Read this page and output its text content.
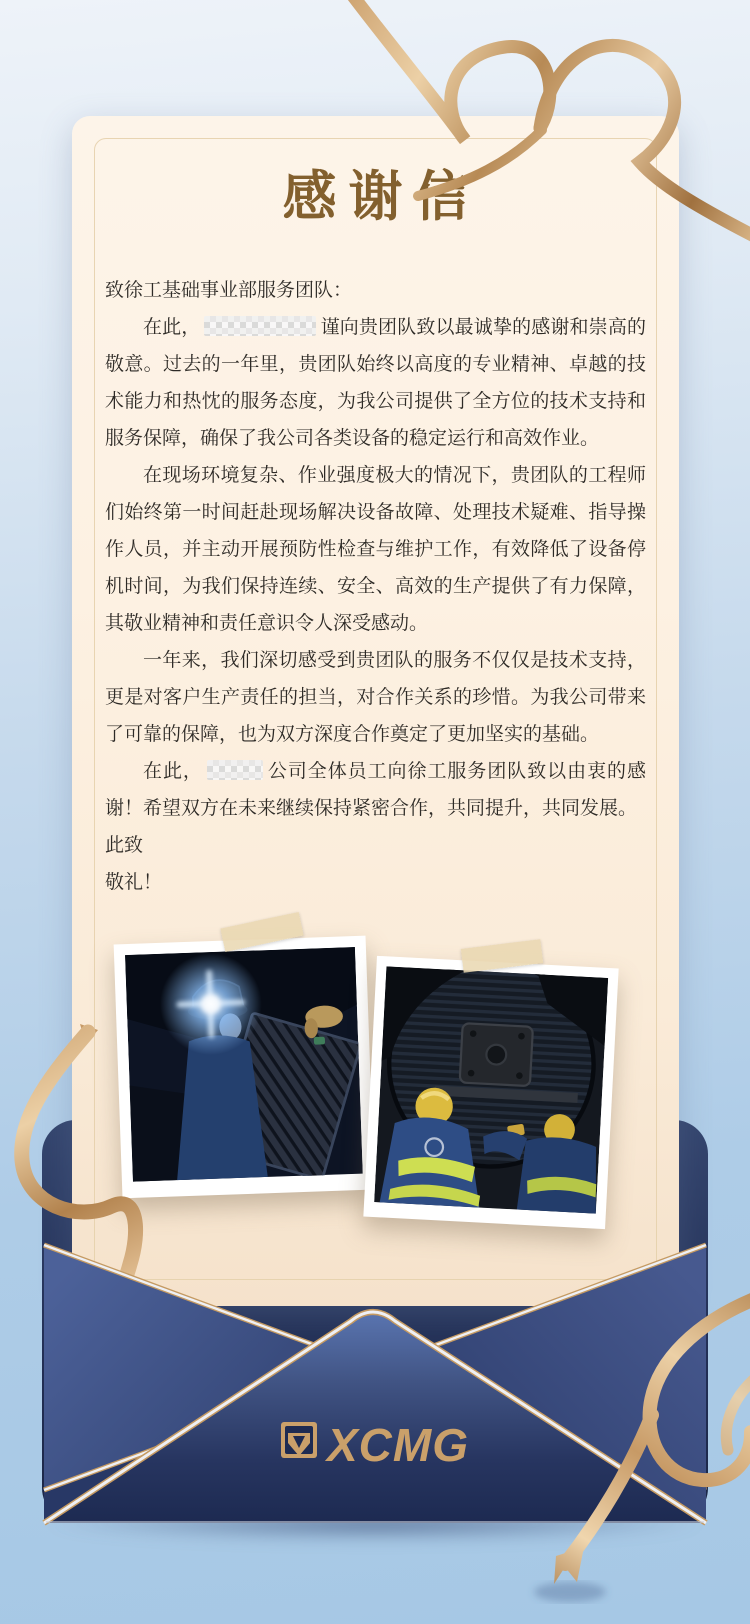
感谢信

致徐工基础事业部服务团队：

在此，	谨向贵团队致以最诚挚的感谢和崇高的敬意。过去的一年里，贵团队始终以高度的专业精神、卓越的技术能力和热忱的服务态度，为我公司提供了全方位的技术支持和服务保障，确保了我公司各类设备的稳定运行和高效作业。

在现场环境复杂、作业强度极大的情况下，贵团队的工程师们始终第一时间赶赴现场解决设备故障、处理技术疑难、指导操作人员，并主动开展预防性检查与维护工作，有效降低了设备停机时间，为我们保持连续、安全、高效的生产提供了有力保障，其敬业精神和责任意识令人深受感动。

一年来，我们深切感受到贵团队的服务不仅仅是技术支持，更是对客户生产责任的担当，对合作关系的珍惜。为我公司带来了可靠的保障，也为双方深度合作奠定了更加坚实的基础。

在此，	公司全体员工向徐工服务团队致以由衷的感谢！希望双方在未来继续保持紧密合作，共同提升，共同发展。

此致

敬礼！

XCMG
